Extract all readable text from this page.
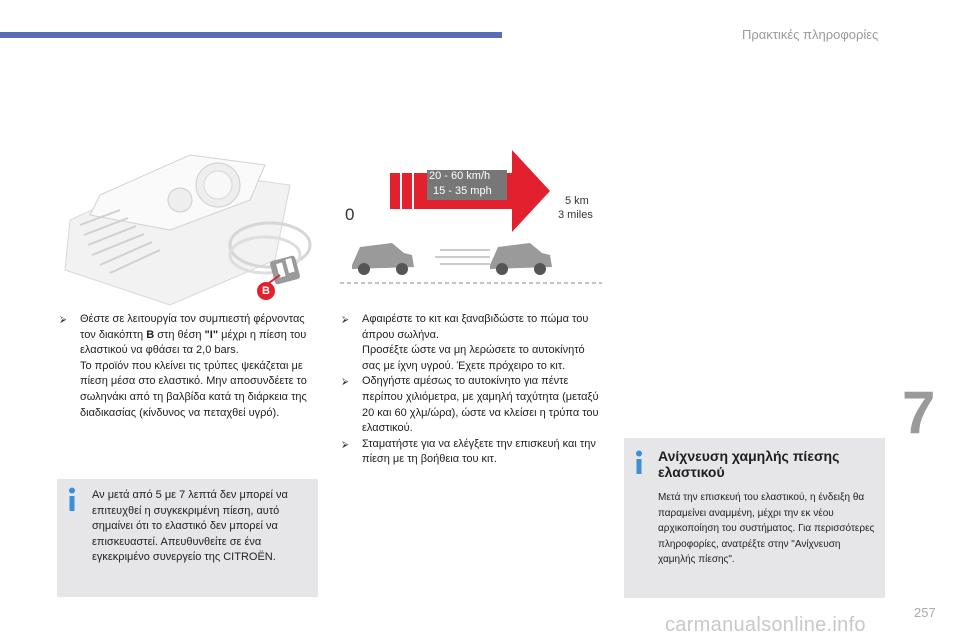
Πρακτικές πληροφορίες
B
20 - 60 km/h
15 - 35 mph
0
5 km
3 miles
⮚ Θέστε σε λειτουργία τον συμπιεστή φέρνοντας τον διακόπτη B στη θέση "I" μέχρι η πίεση του ελαστικού να φθάσει τα 2,0 bars.

Το προϊόν που κλείνει τις τρύπες ψεκάζεται με πίεση μέσα στο ελαστικό. Μην αποσυνδέετε το σωληνάκι από τη βαλβίδα κατά τη διάρκεια της διαδικασίας (κίνδυνος να πεταχθεί υγρό).

⮚ Αφαιρέστε το κιτ και ξαναβιδώστε το πώμα του άπρου σωλήνα.

Προσέξτε ώστε να μη λερώσετε το αυτοκίνητό σας με ίχνη υγρού. Έχετε πρόχειρο το κιτ.

⮚ Οδηγήστε αμέσως το αυτοκίνητο για πέντε περίπου χιλιόμετρα, με χαμηλή ταχύτητα (μεταξύ 20 και 60 χλμ/ώρα), ώστε να κλείσει η τρύπα του ελαστικού.

⮚ Σταματήστε για να ελέγξετε την επισκευή και την πίεση με τη βοήθεια του κιτ.

Αν μετά από 5 με 7 λεπτά δεν μπορεί να επιτευχθεί η συγκεκριμένη πίεση, αυτό σημαίνει ότι το ελαστικό δεν μπορεί να επισκευαστεί. Απευθυνθείτε σε ένα εγκεκριμένο συνεργείο της CITROËN.
Ανίχνευση χαμηλής πίεσης ελαστικού
Μετά την επισκευή του ελαστικού, η ένδειξη θα παραμείνει αναμμένη, μέχρι την εκ νέου αρχικοποίηση του συστήματος. Για περισσότερες πληροφορίες, ανατρέξτε στην "Ανίχνευση χαμηλής πίεσης".
7
257
carmanualsonline.info
